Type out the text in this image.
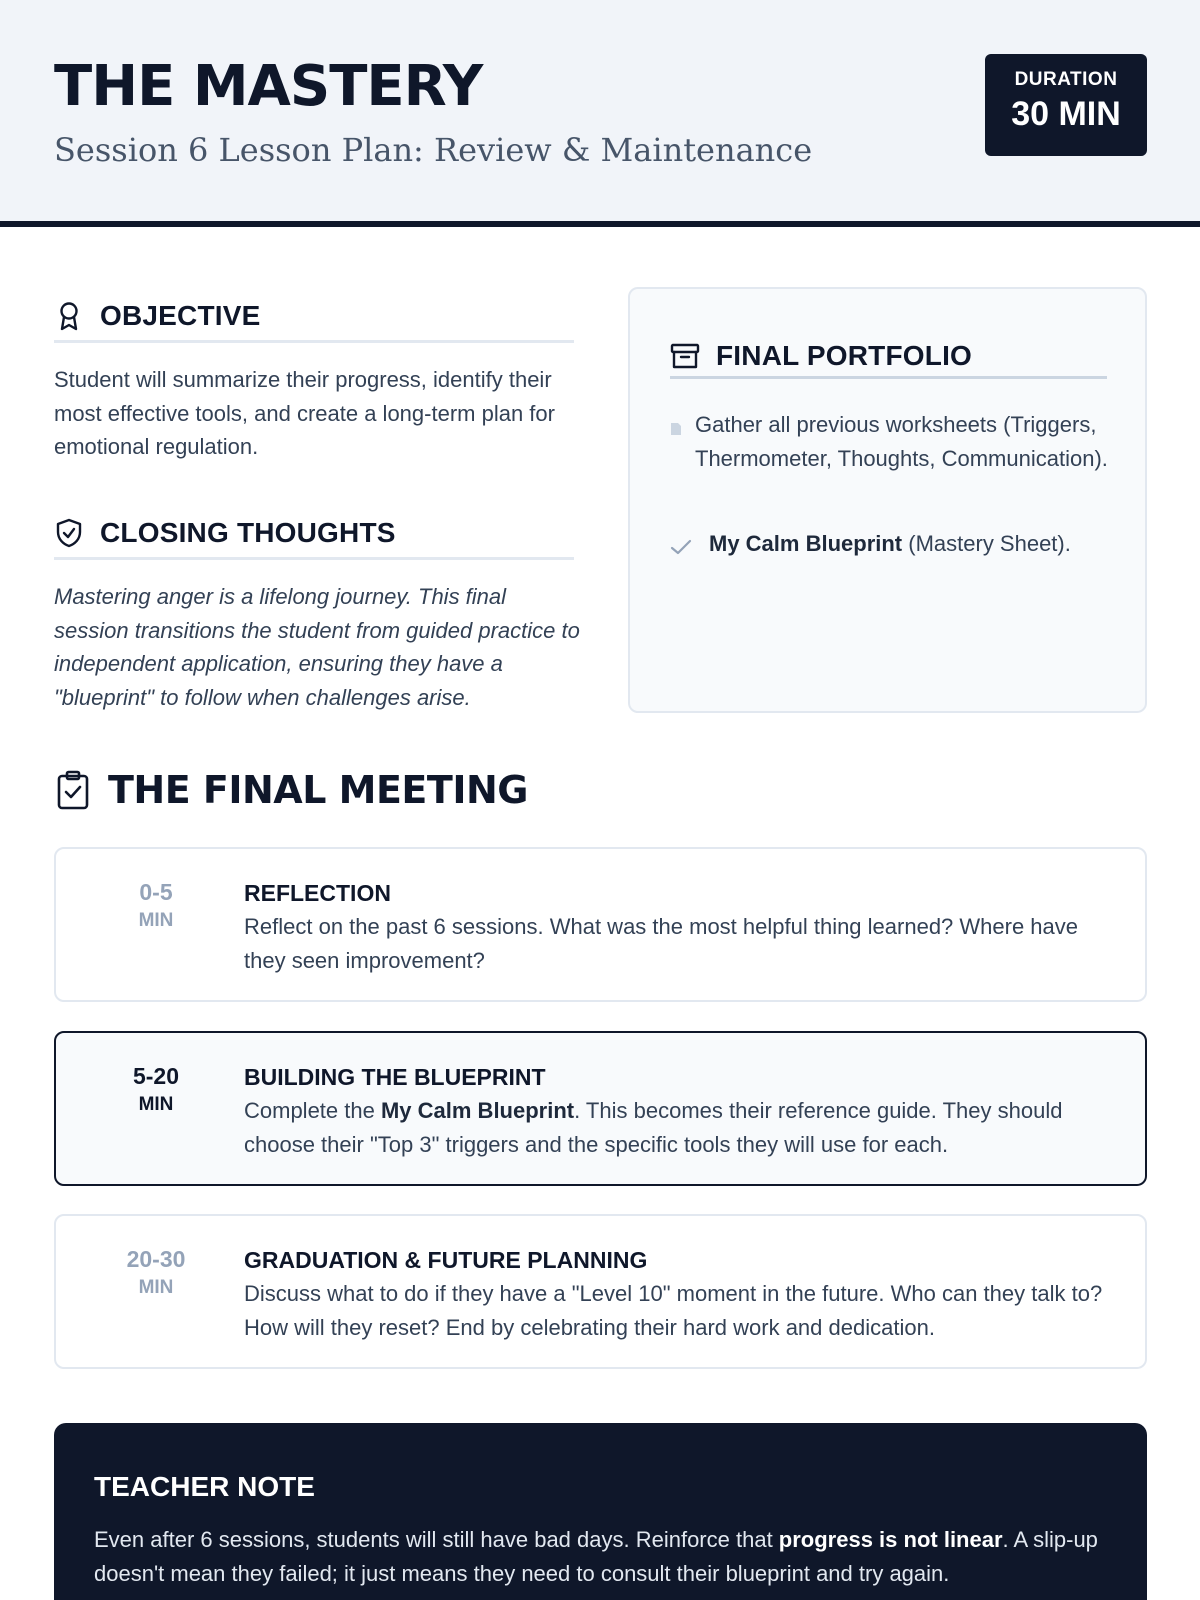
THE MASTERY
Session 6 Lesson Plan: Review & Maintenance
DURATION
30 MIN
OBJECTIVE

Student will summarize their progress, identify their most effective tools, and create a long-term plan for emotional regulation.

CLOSING THOUGHTS

Mastering anger is a lifelong journey. This final session transitions the student from guided practice to independent application, ensuring they have a "blueprint" to follow when challenges arise.

FINAL PORTFOLIO
Gather all previous worksheets (Triggers, Thermometer, Thoughts, Communication).
My Calm Blueprint (Mastery Sheet).
THE FINAL MEETING
0-5
MIN
REFLECTION
Reflect on the past 6 sessions. What was the most helpful thing learned? Where have they seen improvement?
5-20
MIN
BUILDING THE BLUEPRINT
Complete the My Calm Blueprint. This becomes their reference guide. They should choose their "Top 3" triggers and the specific tools they will use for each.
20-30
MIN
GRADUATION & FUTURE PLANNING
Discuss what to do if they have a "Level 10" moment in the future. Who can they talk to? How will they reset? End by celebrating their hard work and dedication.
TEACHER NOTE
Even after 6 sessions, students will still have bad days. Reinforce that progress is not linear. A slip-up doesn't mean they failed; it just means they need to consult their blueprint and try again.
